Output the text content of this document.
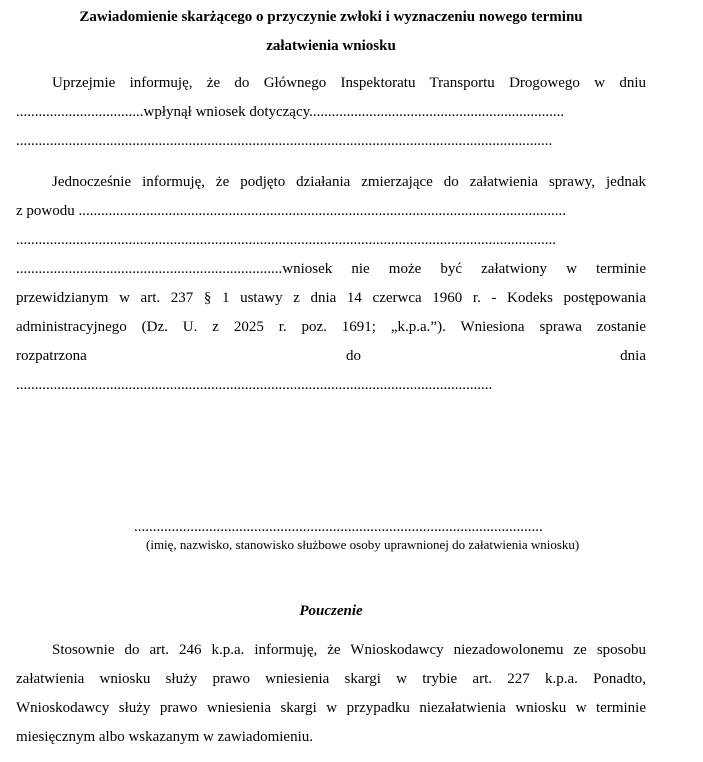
Zawiadomienie skarżącego o przyczynie zwłoki i wyznaczeniu nowego terminu
załatwienia wniosku
Uprzejmie informuję, że do Głównego Inspektoratu Transportu Drogowego w dniu
..................................wpłynął wniosek dotyczący....................................................................
...............................................................................................................................................
Jednocześnie informuję, że podjęto działania zmierzające do załatwienia sprawy, jednak
z powodu ..................................................................................................................................
................................................................................................................................................
.......................................................................wniosek nie może być załatwiony w terminie
przewidzianym w art. 237 § 1 ustawy z dnia 14 czerwca 1960 r. - Kodeks postępowania
administracyjnego (Dz. U. z 2025 r. poz. 1691; „k.p.a.”). Wniesiona sprawa zostanie
rozpatrzona	do	dnia
...............................................................................................................................
.............................................................................................................
(imię, nazwisko, stanowisko służbowe osoby uprawnionej do załatwienia wniosku)
Pouczenie
Stosownie do art. 246 k.p.a. informuję, że Wnioskodawcy niezadowolonemu ze sposobu
załatwienia wniosku służy prawo wniesienia skargi w trybie art. 227 k.p.a. Ponadto,
Wnioskodawcy służy prawo wniesienia skargi w przypadku niezałatwienia wniosku w terminie
miesięcznym albo wskazanym w zawiadomieniu.
